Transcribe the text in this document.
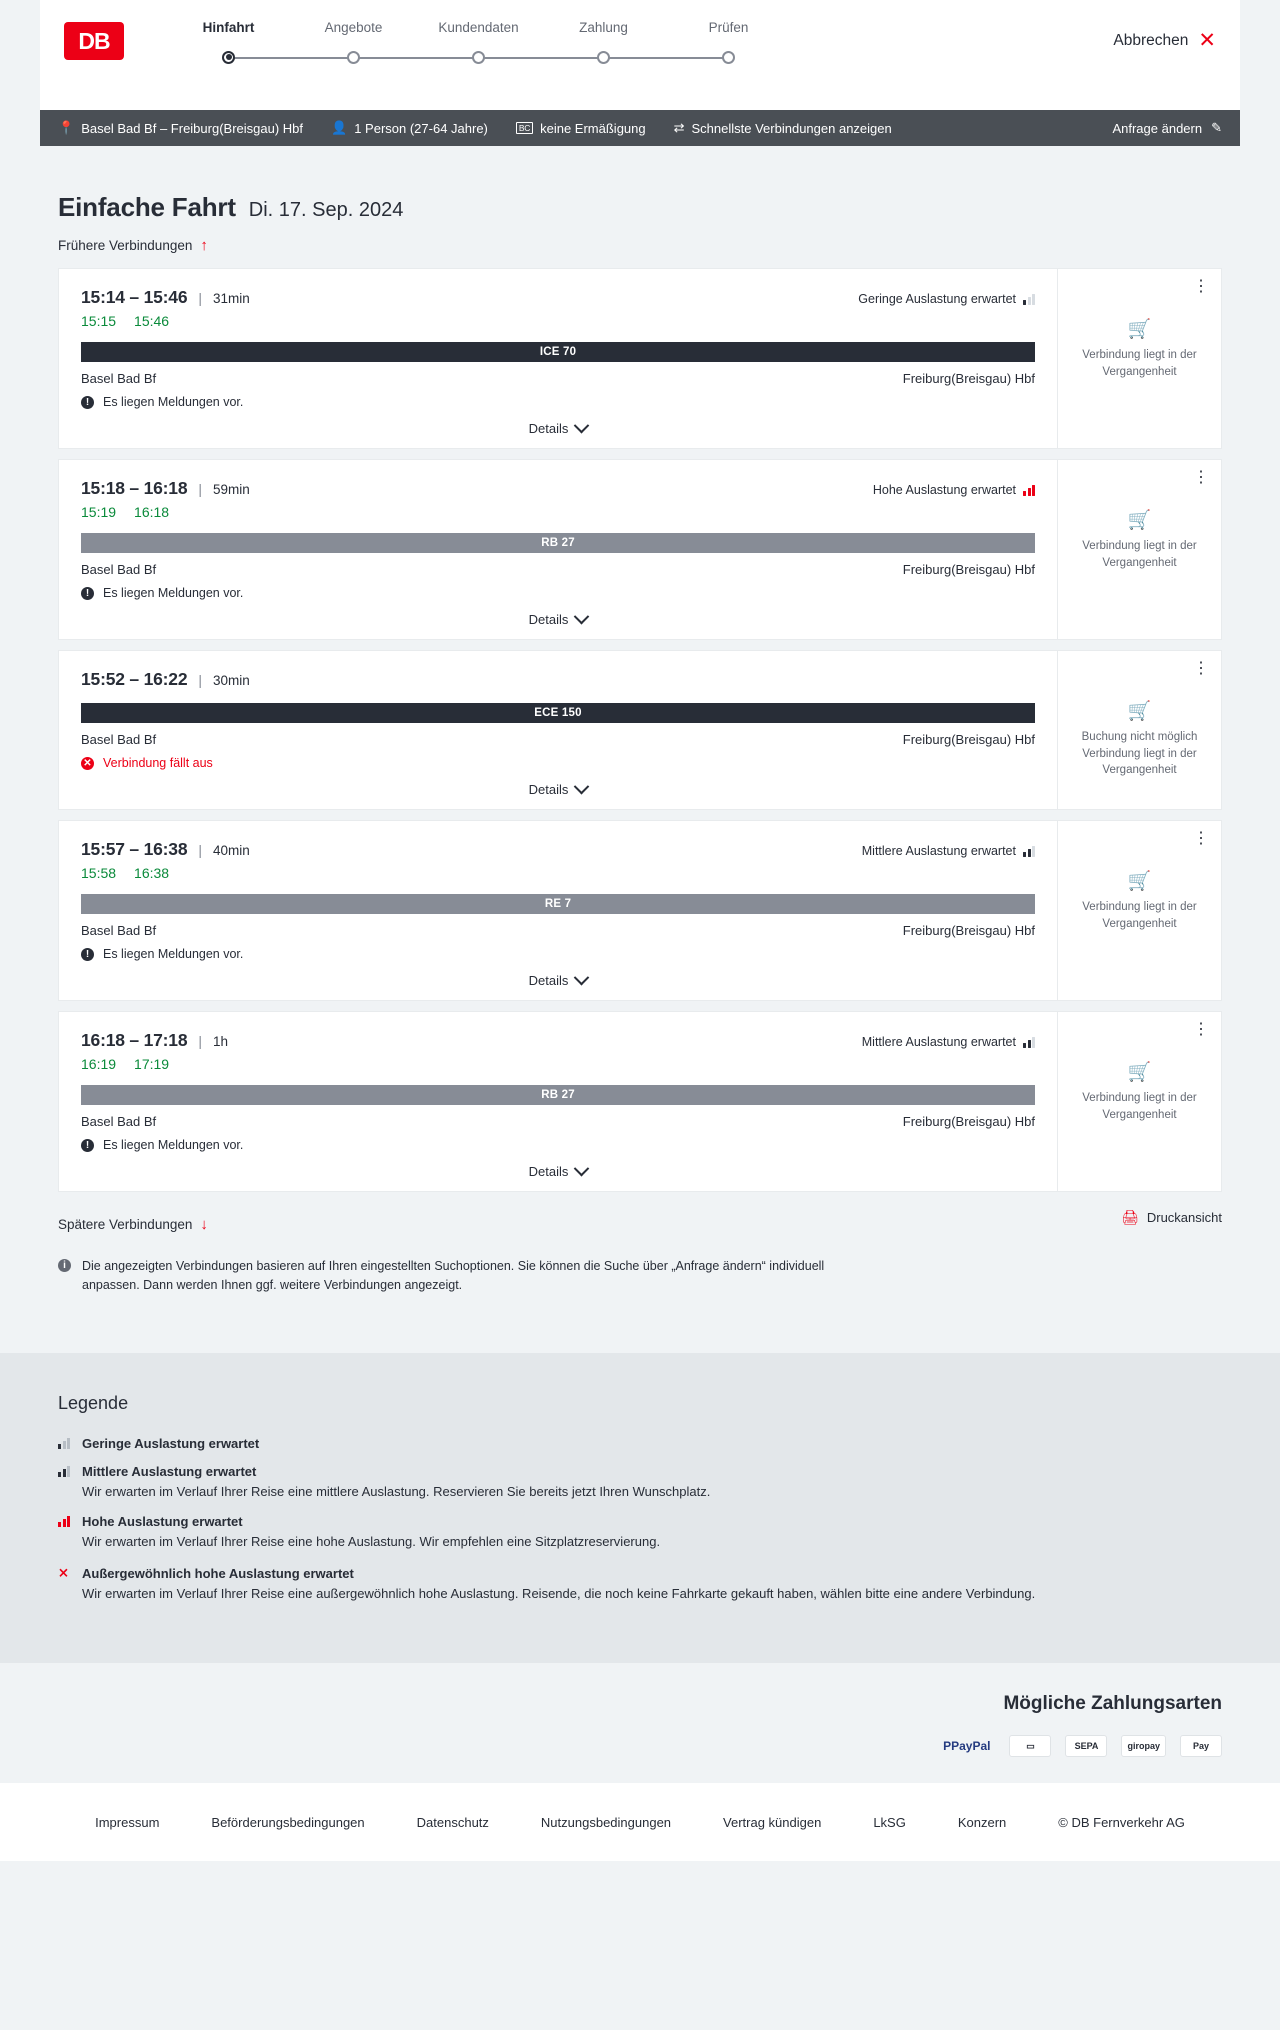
DB	Hinfahrt	Angebote	Kundendaten	Zahlung	Prüfen
Abbrechen ✕
📍 Basel Bad Bf – Freiburg(Breisgau) Hbf 👤 1 Person (27-64 Jahre)	BC keine Ermäßigung ⇄ Schnellste Verbindungen anzeigen	Anfrage ändern ✎
Einfache Fahrt Di. 17. Sep. 2024
Frühere Verbindungen ↑
15:14 – 15:46 | 31min	Geringe Auslastung erwartet
15:15 15:46
ICE 70
Basel Bad Bf	Freiburg(Breisgau) Hbf
!	Es liegen Meldungen vor.
Details
⋮
🛒
Verbindung liegt in der Vergangenheit
15:18 – 16:18 | 59min	Hohe Auslastung erwartet
15:19 16:18
RB 27
Basel Bad Bf	Freiburg(Breisgau) Hbf
!	Es liegen Meldungen vor.
Details
⋮
🛒
Verbindung liegt in der Vergangenheit
15:52 – 16:22 | 30min
ECE 150
Basel Bad Bf	Freiburg(Breisgau) Hbf
✕ Verbindung fällt aus
Details
⋮
🛒
Buchung nicht möglich
Verbindung liegt in der Vergangenheit
15:57 – 16:38 | 40min	Mittlere Auslastung erwartet
15:58 16:38
RE 7
Basel Bad Bf	Freiburg(Breisgau) Hbf
!	Es liegen Meldungen vor.
Details
⋮
🛒
Verbindung liegt in der Vergangenheit
16:18 – 17:18 | 1h	Mittlere Auslastung erwartet
16:19 17:19
RB 27
Basel Bad Bf	Freiburg(Breisgau) Hbf
!	Es liegen Meldungen vor.
Details
⋮
🛒
Verbindung liegt in der Vergangenheit
Spätere Verbindungen ↓	🖨 Druckansicht
i	Die angezeigten Verbindungen basieren auf Ihren eingestellten Suchoptionen. Sie können die Suche über „Anfrage ändern“ individuell anpassen. Dann werden Ihnen ggf. weitere Verbindungen angezeigt.
Legende
Geringe Auslastung erwartet
Mittlere Auslastung erwartet
Wir erwarten im Verlauf Ihrer Reise eine mittlere Auslastung. Reservieren Sie bereits jetzt Ihren Wunschplatz.
Hohe Auslastung erwartet
Wir erwarten im Verlauf Ihrer Reise eine hohe Auslastung. Wir empfehlen eine Sitzplatzreservierung.
⨯ Außergewöhnlich hohe Auslastung erwartet
Wir erwarten im Verlauf Ihrer Reise eine außergewöhnlich hohe Auslastung. Reisende, die noch keine Fahrkarte gekauft haben, wählen bitte eine andere Verbindung.
Mögliche Zahlungsarten
P PayPal	▭	SEPA	giropay	Pay
Impressum	Beförderungsbedingungen	Datenschutz	Nutzungsbedingungen	Vertrag kündigen	LkSG	Konzern	© DB Fernverkehr AG
